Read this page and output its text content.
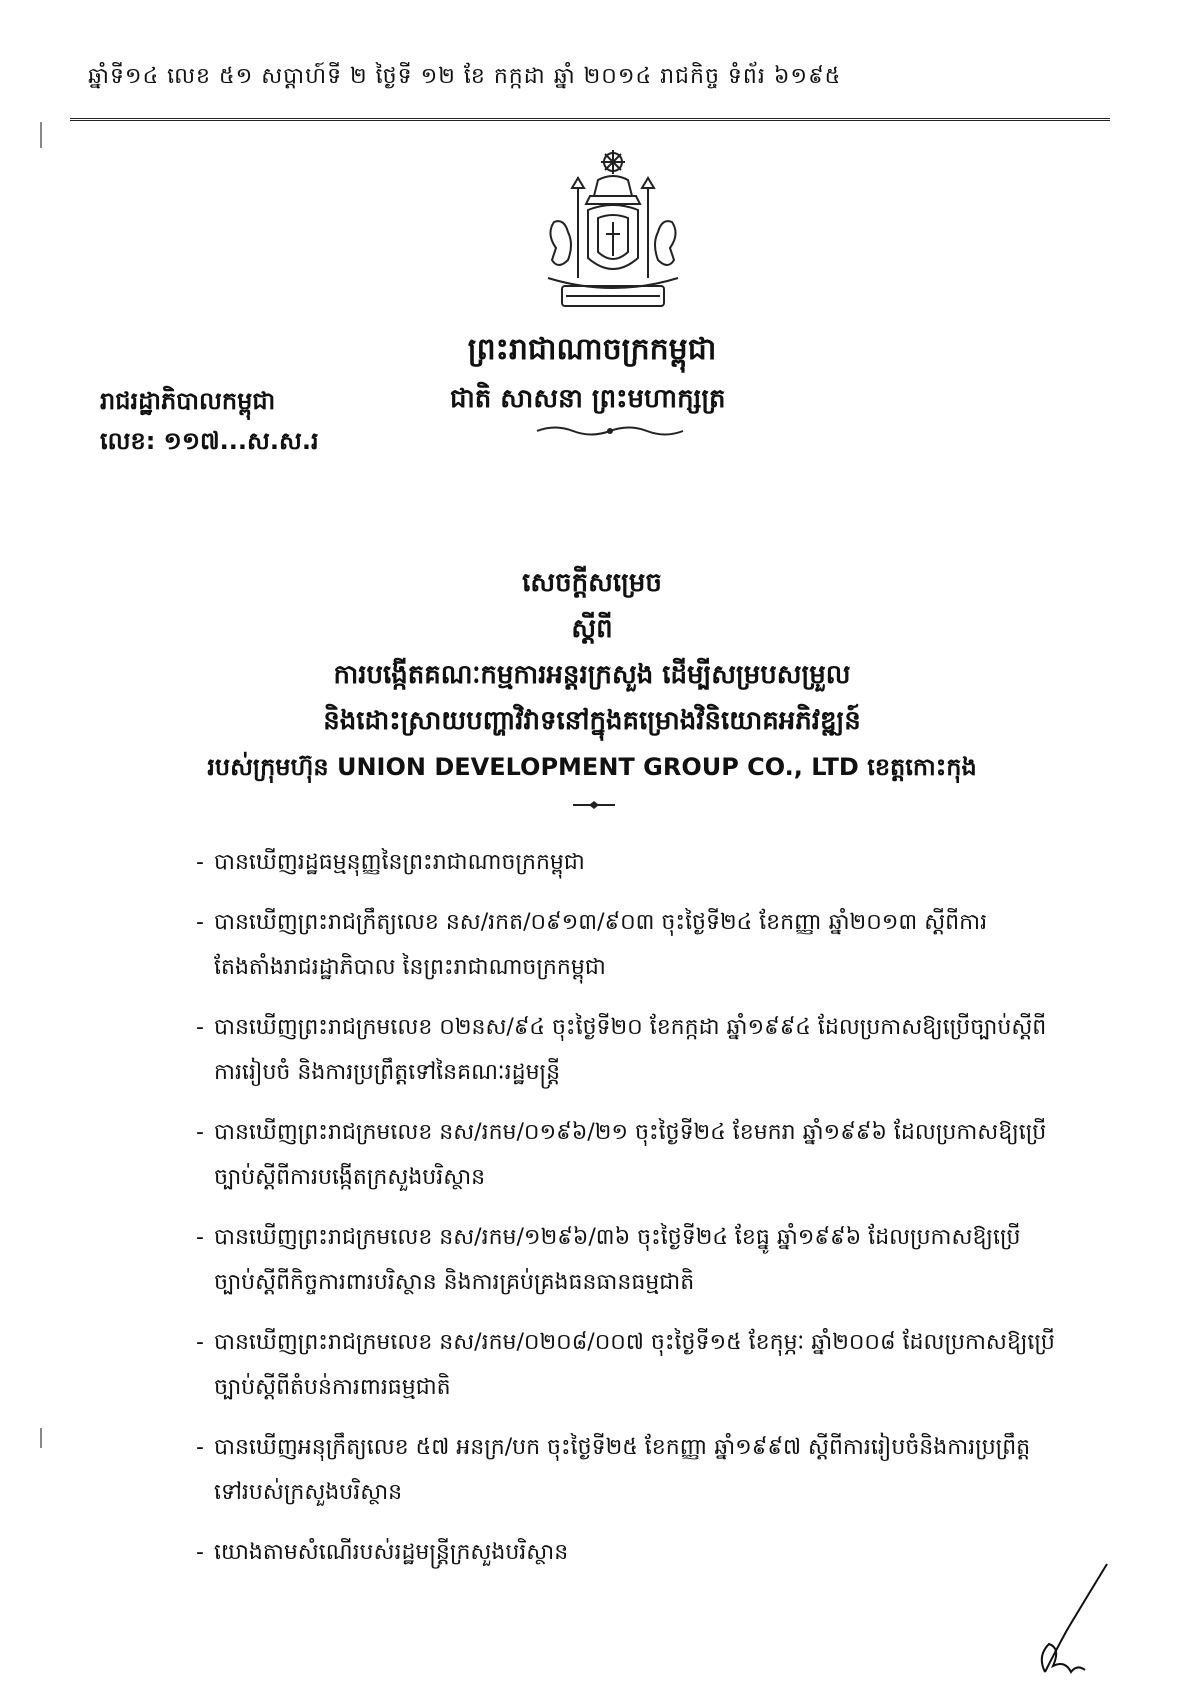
ឆ្នាំទី១៤ លេខ ៥១ សប្តាហ៍ទី ២ ថ្ងៃទី ១២ ខែ កក្កដា ឆ្នាំ ២០១៤ រាជកិច្ច ទំព័រ ៦១៩៥
ព្រះរាជាណាចក្រកម្ពុជា
ជាតិ សាសនា ព្រះមហាក្សត្រ
រាជរដ្ឋាភិបាលកម្ពុជា
លេខ: ១១៧...ស.ស.រ
សេចក្តីសម្រេច
ស្តីពី
ការបង្កើតគណៈកម្មការអន្តរក្រសួង ដើម្បីសម្របសម្រួល
និងដោះស្រាយបញ្ហាវិវាទនៅក្នុងគម្រោងវិនិយោគអភិវឌ្ឍន៍
របស់ក្រុមហ៊ុន UNION DEVELOPMENT GROUP CO., LTD ខេត្តកោះកុង
- បានឃើញរដ្ឋធម្មនុញ្ញនៃព្រះរាជាណាចក្រកម្ពុជា
- បានឃើញព្រះរាជក្រឹត្យលេខ នស/រកត/០៩១៣/៩០៣ ចុះថ្ងៃទី២៤ ខែកញ្ញា ឆ្នាំ២០១៣ ស្តីពីការតែងតាំងរាជរដ្ឋាភិបាល នៃព្រះរាជាណាចក្រកម្ពុជា
- បានឃើញព្រះរាជក្រមលេខ ០២នស/៩៤ ចុះថ្ងៃទី២០ ខែកក្កដា ឆ្នាំ១៩៩៤ ដែលប្រកាសឱ្យប្រើច្បាប់ស្តីពីការរៀបចំ និងការប្រព្រឹត្តទៅនៃគណៈរដ្ឋមន្ត្រី
- បានឃើញព្រះរាជក្រមលេខ នស/រកម/០១៩៦/២១ ចុះថ្ងៃទី២៤ ខែមករា ឆ្នាំ១៩៩៦ ដែលប្រកាសឱ្យប្រើច្បាប់ស្តីពីការបង្កើតក្រសួងបរិស្ថាន
- បានឃើញព្រះរាជក្រមលេខ នស/រកម/១២៩៦/៣៦ ចុះថ្ងៃទី២៤ ខែធ្នូ ឆ្នាំ១៩៩៦ ដែលប្រកាសឱ្យប្រើច្បាប់ស្តីពីកិច្ចការពារបរិស្ថាន និងការគ្រប់គ្រងធនធានធម្មជាតិ
- បានឃើញព្រះរាជក្រមលេខ នស/រកម/០២០៨/០០៧ ចុះថ្ងៃទី១៥ ខែកុម្ភៈ ឆ្នាំ២០០៨ ដែលប្រកាសឱ្យប្រើច្បាប់ស្តីពីតំបន់ការពារធម្មជាតិ
- បានឃើញអនុក្រឹត្យលេខ ៥៧ អនក្រ/បក ចុះថ្ងៃទី២៥ ខែកញ្ញា ឆ្នាំ១៩៩៧ ស្តីពីការរៀបចំនិងការប្រព្រឹត្តទៅរបស់ក្រសួងបរិស្ថាន
- យោងតាមសំណើរបស់រដ្ឋមន្ត្រីក្រសួងបរិស្ថាន
